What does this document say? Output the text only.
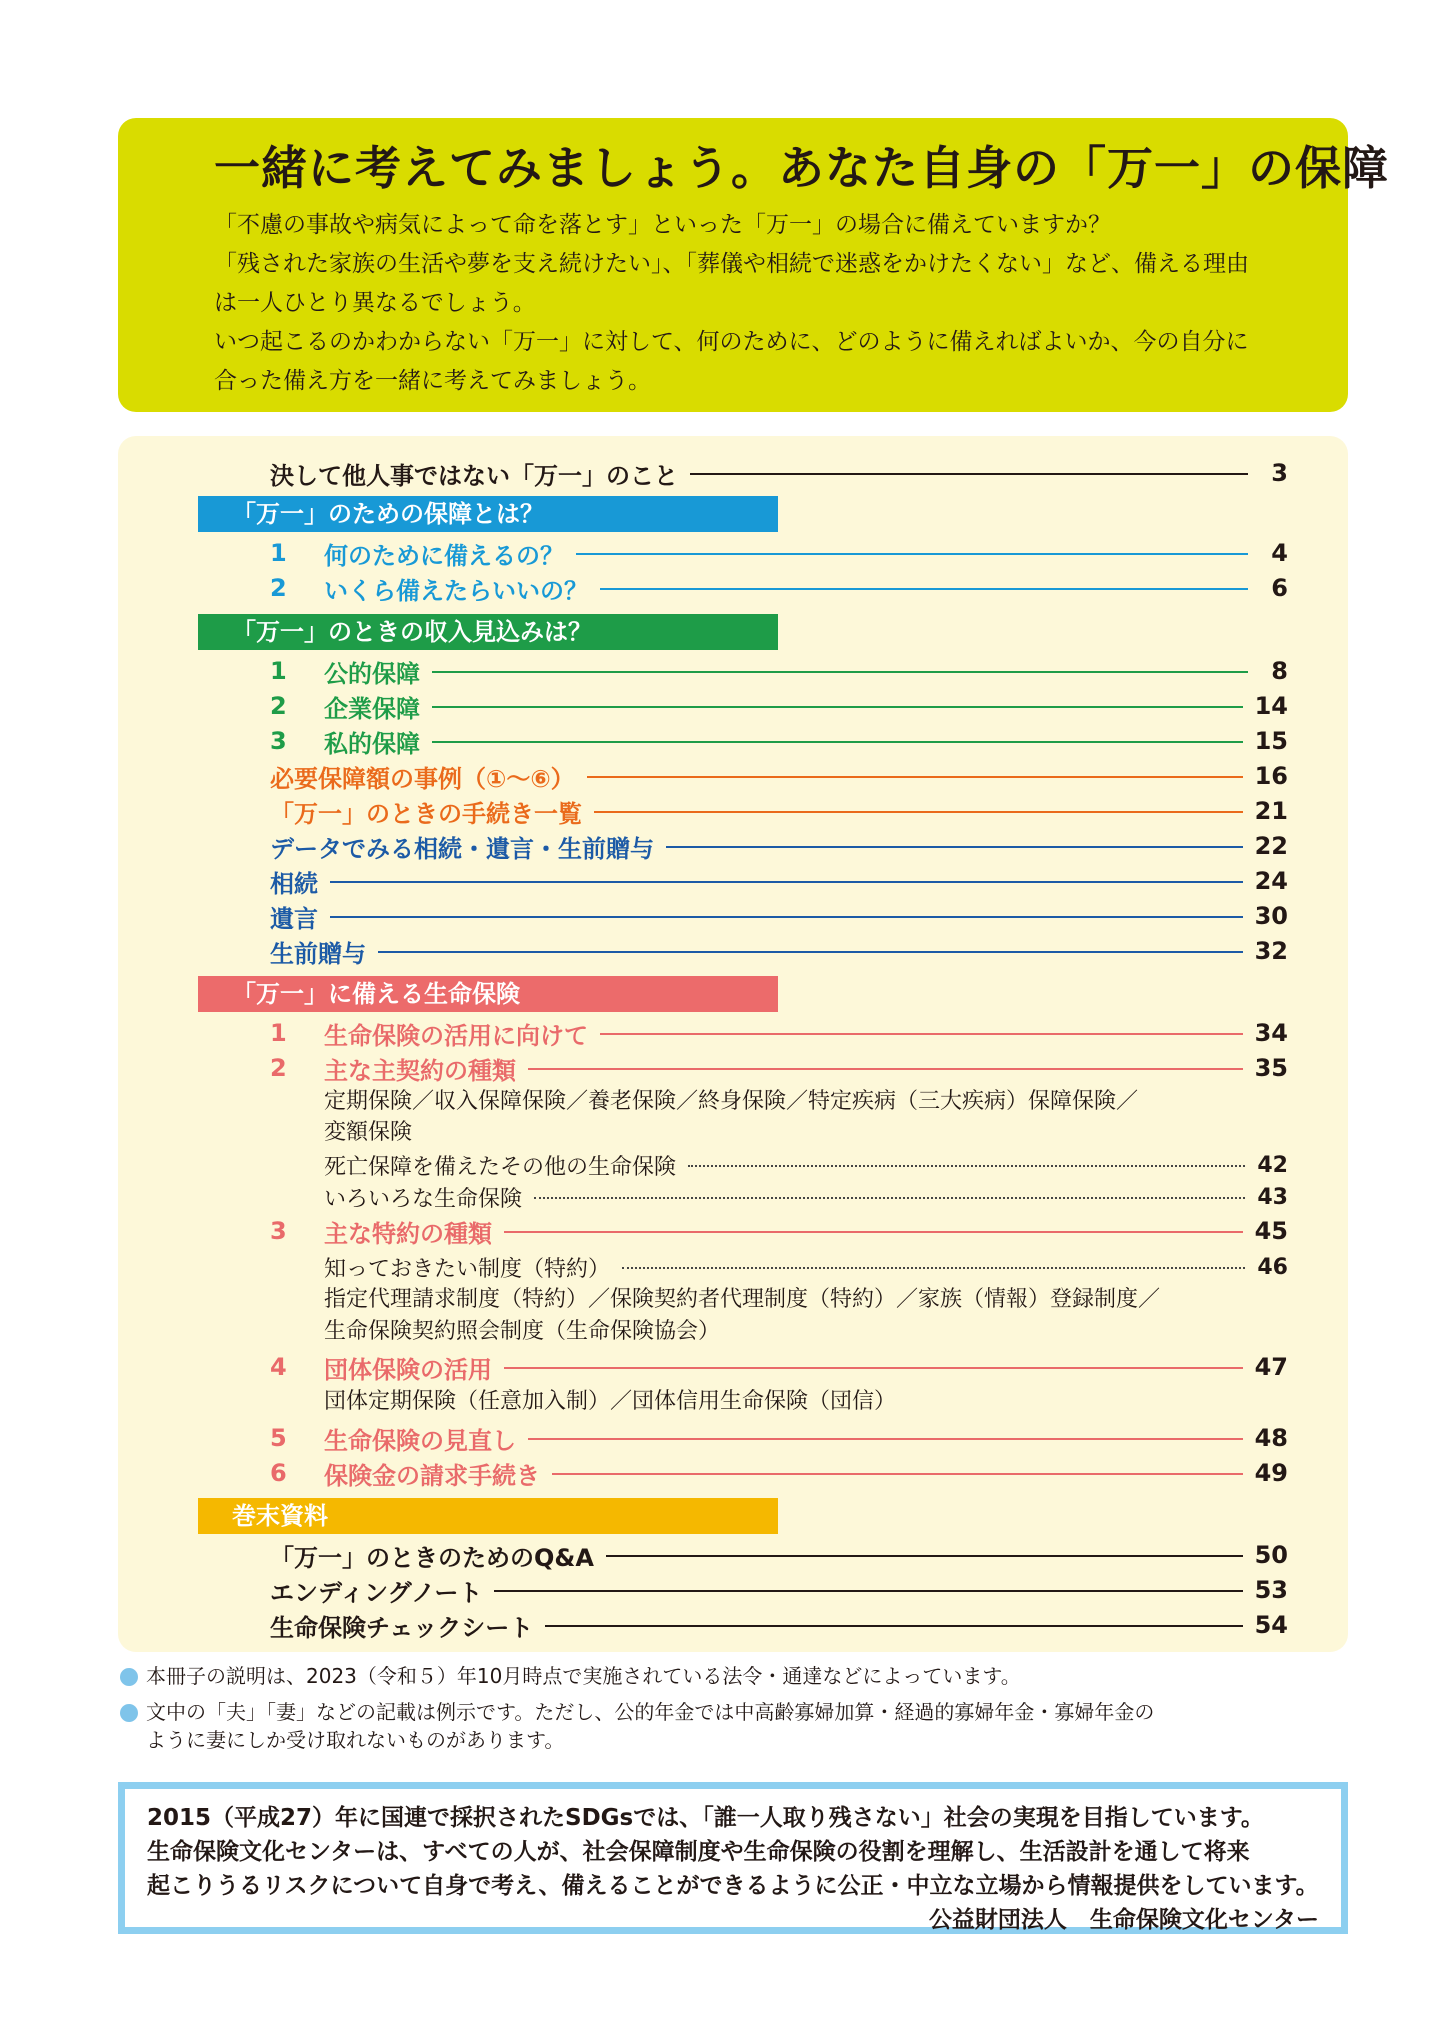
一緒に考えてみましょう。あなた自身の「万一」の保障

「不慮の事故や病気によって命を落とす」といった「万一」の場合に備えていますか？

「残された家族の生活や夢を支え続けたい」、「葬儀や相続で迷惑をかけたくない」など、備える理由

は一人ひとり異なるでしょう。

いつ起こるのかわからない「万一」に対して、何のために、どのように備えればよいか、今の自分に

合った備え方を一緒に考えてみましょう。

決して他人事ではない「万一」のこと	3
「万一」のための保障とは？
1	何のために備えるの？	4
2	いくら備えたらいいの？	6
「万一」のときの収入見込みは？
1	公的保障	8
2	企業保障	14
3	私的保障	15
必要保障額の事例（①～⑥）	16
「万一」のときの手続き一覧	21
データでみる相続・遺言・生前贈与	22
相続	24
遺言	30
生前贈与	32
「万一」に備える生命保険
1	生命保険の活用に向けて	34
2	主な主契約の種類	35
定期保険／収入保障保険／養老保険／終身保険／特定疾病（三大疾病）保障保険／
変額保険
死亡保障を備えたその他の生命保険	42
いろいろな生命保険	43
3	主な特約の種類	45
知っておきたい制度（特約）	46
指定代理請求制度（特約）／保険契約者代理制度（特約）／家族（情報）登録制度／
生命保険契約照会制度（生命保険協会）
4	団体保険の活用	47
団体定期保険（任意加入制）／団体信用生命保険（団信）
5	生命保険の見直し	48
6	保険金の請求手続き	49
巻末資料
「万一」のときのためのQ&A	50
エンディングノート	53
生命保険チェックシート	54
本冊子の説明は、2023（令和５）年10月時点で実施されている法令・通達などによっています。
文中の「夫」「妻」などの記載は例示です。ただし、公的年金では中高齢寡婦加算・経過的寡婦年金・寡婦年金の
ように妻にしか受け取れないものがあります。

2015（平成27）年に国連で採択されたSDGsでは、「誰一人取り残さない」社会の実現を目指しています。

生命保険文化センターは、すべての人が、社会保障制度や生命保険の役割を理解し、生活設計を通して将来

起こりうるリスクについて自身で考え、備えることができるように公正・中立な立場から情報提供をしています。

公益財団法人　生命保険文化センター
